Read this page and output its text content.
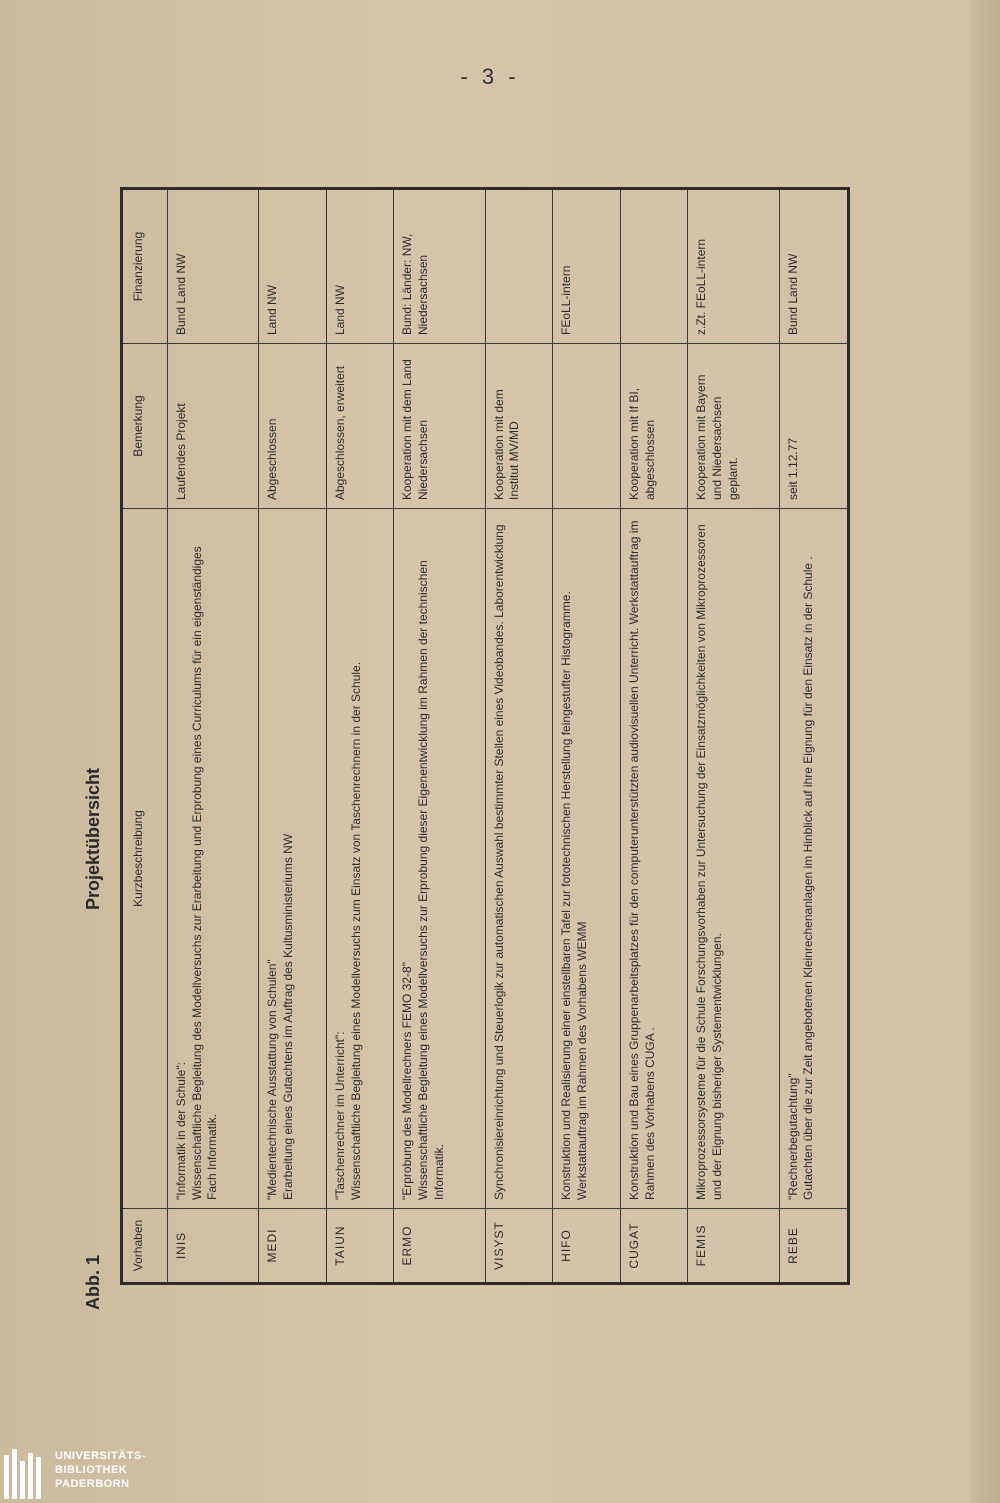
- 3 -
Abb. 1
Projektübersicht
Vorhaben	Kurzbeschreibung	Bemerkung	Finanzierung
INIS	"Informatik in der Schule": Wissenschaftliche Begleitung des Modellversuchs zur Erarbeitung und Erprobung eines Curriculums für ein eigenständiges Fach Informatik.	Laufendes Projekt	Bund Land NW
MEDI	"Medientechnische Ausstattung von Schulen" Erarbeitung eines Gutachtens im Auftrag des Kultusministeriums NW	Abgeschlossen	Land NW
TAIUN	"Taschenrechner im Unterricht": Wissenschaftliche Begleitung eines Modellversuchs zum Einsatz von Taschenrechnern in der Schule.	Abgeschlossen, erweitert	Land NW
ERMO	"Erprobung des Modellrechners FEMO 32-8" Wissenschaftliche Begleitung eines Modellversuchs zur Erprobung dieser Eigenentwicklung im Rahmen der technischen Informatik.	Kooperation mit dem Land Niedersachsen	Bund: Länder: NW, Niedersachsen
VISYST	Synchronisiereinrichtung und Steuerlogik zur automatischen Auswahl bestimmter Stellen eines Videobandes. Laborentwicklung	Kooperation mit dem Institut MV/MD	
HIFO	Konstruktion und Realisierung einer einstellbaren Tafel zur fototechnischen Herstellung feingestufter Histogramme. Werkstattauftrag im Rahmen des Vorhabens WEMM		FEoLL-intern
CUGAT	Konstruktion und Bau eines Gruppenarbeitsplatzes für den computerunterstützten audiovisuellen Unterricht. Werkstattauftrag im Rahmen des Vorhabens CUGA .	Kooperation mit If BI, abgeschlossen	
FEMIS	Mikroprozessorsysteme für die Schule Forschungsvorhaben zur Untersuchung der Einsatzmöglichkeiten von Mikroprozessoren und der Eignung bisheriger Systementwicklungen.	Kooperation mit Bayern und Niedersachsen geplant.	z.Zt. FEoLL-intern
REBE	"Rechnerbegutachtung" Gutachten über die zur Zeit angebotenen Kleinrechenanlagen im Hinblick auf ihre Eignung für den Einsatz in der Schule .	seit 1.12.77	Bund Land NW
UNIVERSITÄTS-
BIBLIOTHEK
PADERBORN
